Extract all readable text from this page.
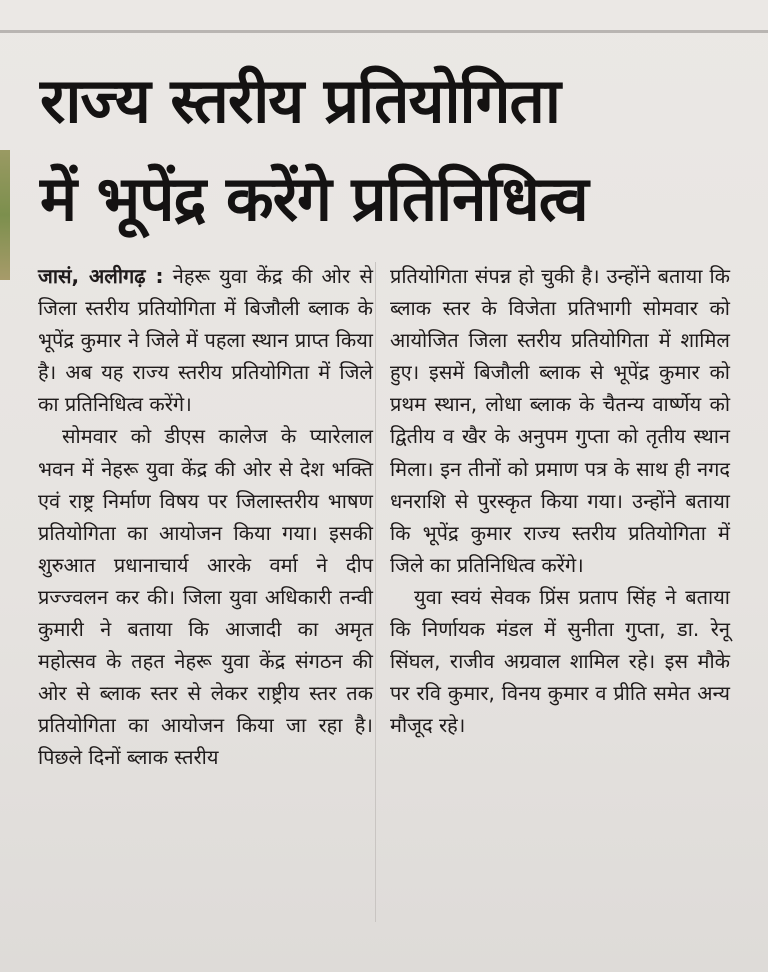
राज्य स्तरीय प्रतियोगिता
में भूपेंद्र करेंगे प्रतिनिधित्व

जासं, अलीगढ़ : नेहरू युवा केंद्र की ओर से जिला स्तरीय प्रतियोगिता में बिजौली ब्लाक के भूपेंद्र कुमार ने जिले में पहला स्थान प्राप्त किया है। अब यह राज्य स्तरीय प्रतियोगिता में जिले का प्रतिनिधित्व करेंगे।

सोमवार को डीएस कालेज के प्यारेलाल भवन में नेहरू युवा केंद्र की ओर से देश भक्ति एवं राष्ट्र निर्माण विषय पर जिलास्तरीय भाषण प्रतियोगिता का आयोजन किया गया। इसकी शुरुआत प्रधानाचार्य आरके वर्मा ने दीप प्रज्ज्वलन कर की। जिला युवा अधिकारी तन्वी कुमारी ने बताया कि आजादी का अमृत महोत्सव के तहत नेहरू युवा केंद्र संगठन की ओर से ब्लाक स्तर से लेकर राष्ट्रीय स्तर तक प्रतियोगिता का आयोजन किया जा रहा है। पिछले दिनों ब्लाक स्तरीय

प्रतियोगिता संपन्न हो चुकी है। उन्होंने बताया कि ब्लाक स्तर के विजेता प्रतिभागी सोमवार को आयोजित जिला स्तरीय प्रतियोगिता में शामिल हुए। इसमें बिजौली ब्लाक से भूपेंद्र कुमार को प्रथम स्थान, लोधा ब्लाक के चैतन्य वार्ष्णेय को द्वितीय व खैर के अनुपम गुप्ता को तृतीय स्थान मिला। इन तीनों को प्रमाण पत्र के साथ ही नगद धनराशि से पुरस्कृत किया गया। उन्होंने बताया कि भूपेंद्र कुमार राज्य स्तरीय प्रतियोगिता में जिले का प्रतिनिधित्व करेंगे।

युवा स्वयं सेवक प्रिंस प्रताप सिंह ने बताया कि निर्णायक मंडल में सुनीता गुप्ता, डा. रेनू सिंघल, राजीव अग्रवाल शामिल रहे। इस मौके पर रवि कुमार, विनय कुमार व प्रीति समेत अन्य मौजूद रहे।
